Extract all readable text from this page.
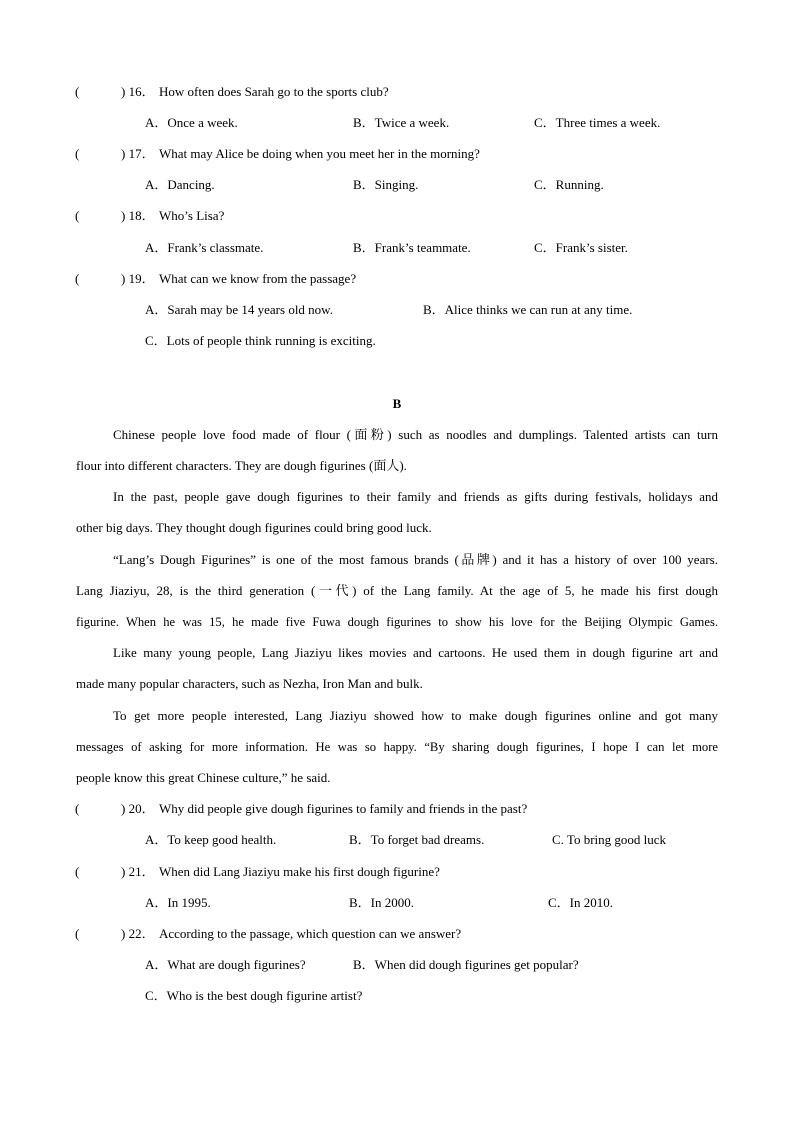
(	) 16． How often does Sarah go to the sports club?
A．Once a week.	B．Twice a week.	C．Three times a week.
(	) 17． What may Alice be doing when you meet her in the morning?
A．Dancing.	B．Singing.	C．Running.
(	) 18． Who’s Lisa?
A．Frank’s classmate.	B．Frank’s teammate.	C．Frank’s sister.
(	) 19． What can we know from the passage?
A．Sarah may be 14 years old now.	B．Alice thinks we can run at any time.
C．Lots of people think running is exciting.
B
Chinese people love food made of flour (面粉) such as noodles and dumplings. Talented artists can turn
flour into different characters. They are dough figurines (面人).
In the past, people gave dough figurines to their family and friends as gifts during festivals, holidays and
other big days. They thought dough figurines could bring good luck.
“Lang’s Dough Figurines” is one of the most famous brands (品牌) and it has a history of over 100 years.
Lang Jiaziyu, 28, is the third generation (一代) of the Lang family. At the age of 5, he made his first dough
figurine. When he was 15, he made five Fuwa dough figurines to show his love for the Beijing Olympic Games.
Like many young people, Lang Jiaziyu likes movies and cartoons. He used them in dough figurine art and
made many popular characters, such as Nezha, Iron Man and bulk.
To get more people interested, Lang Jiaziyu showed how to make dough figurines online and got many
messages of asking for more information. He was so happy. “By sharing dough figurines, I hope I can let more
people know this great Chinese culture,” he said.
(	) 20． Why did people give dough figurines to family and friends in the past?
A．To keep good health.	B．To forget bad dreams.	C. To bring good luck
(	) 21． When did Lang Jiaziyu make his first dough figurine?
A．In 1995.	B．In 2000.	C．In 2010.
(	) 22． According to the passage, which question can we answer?
A．What are dough figurines?	B．When did dough figurines get popular?
C．Who is the best dough figurine artist?
